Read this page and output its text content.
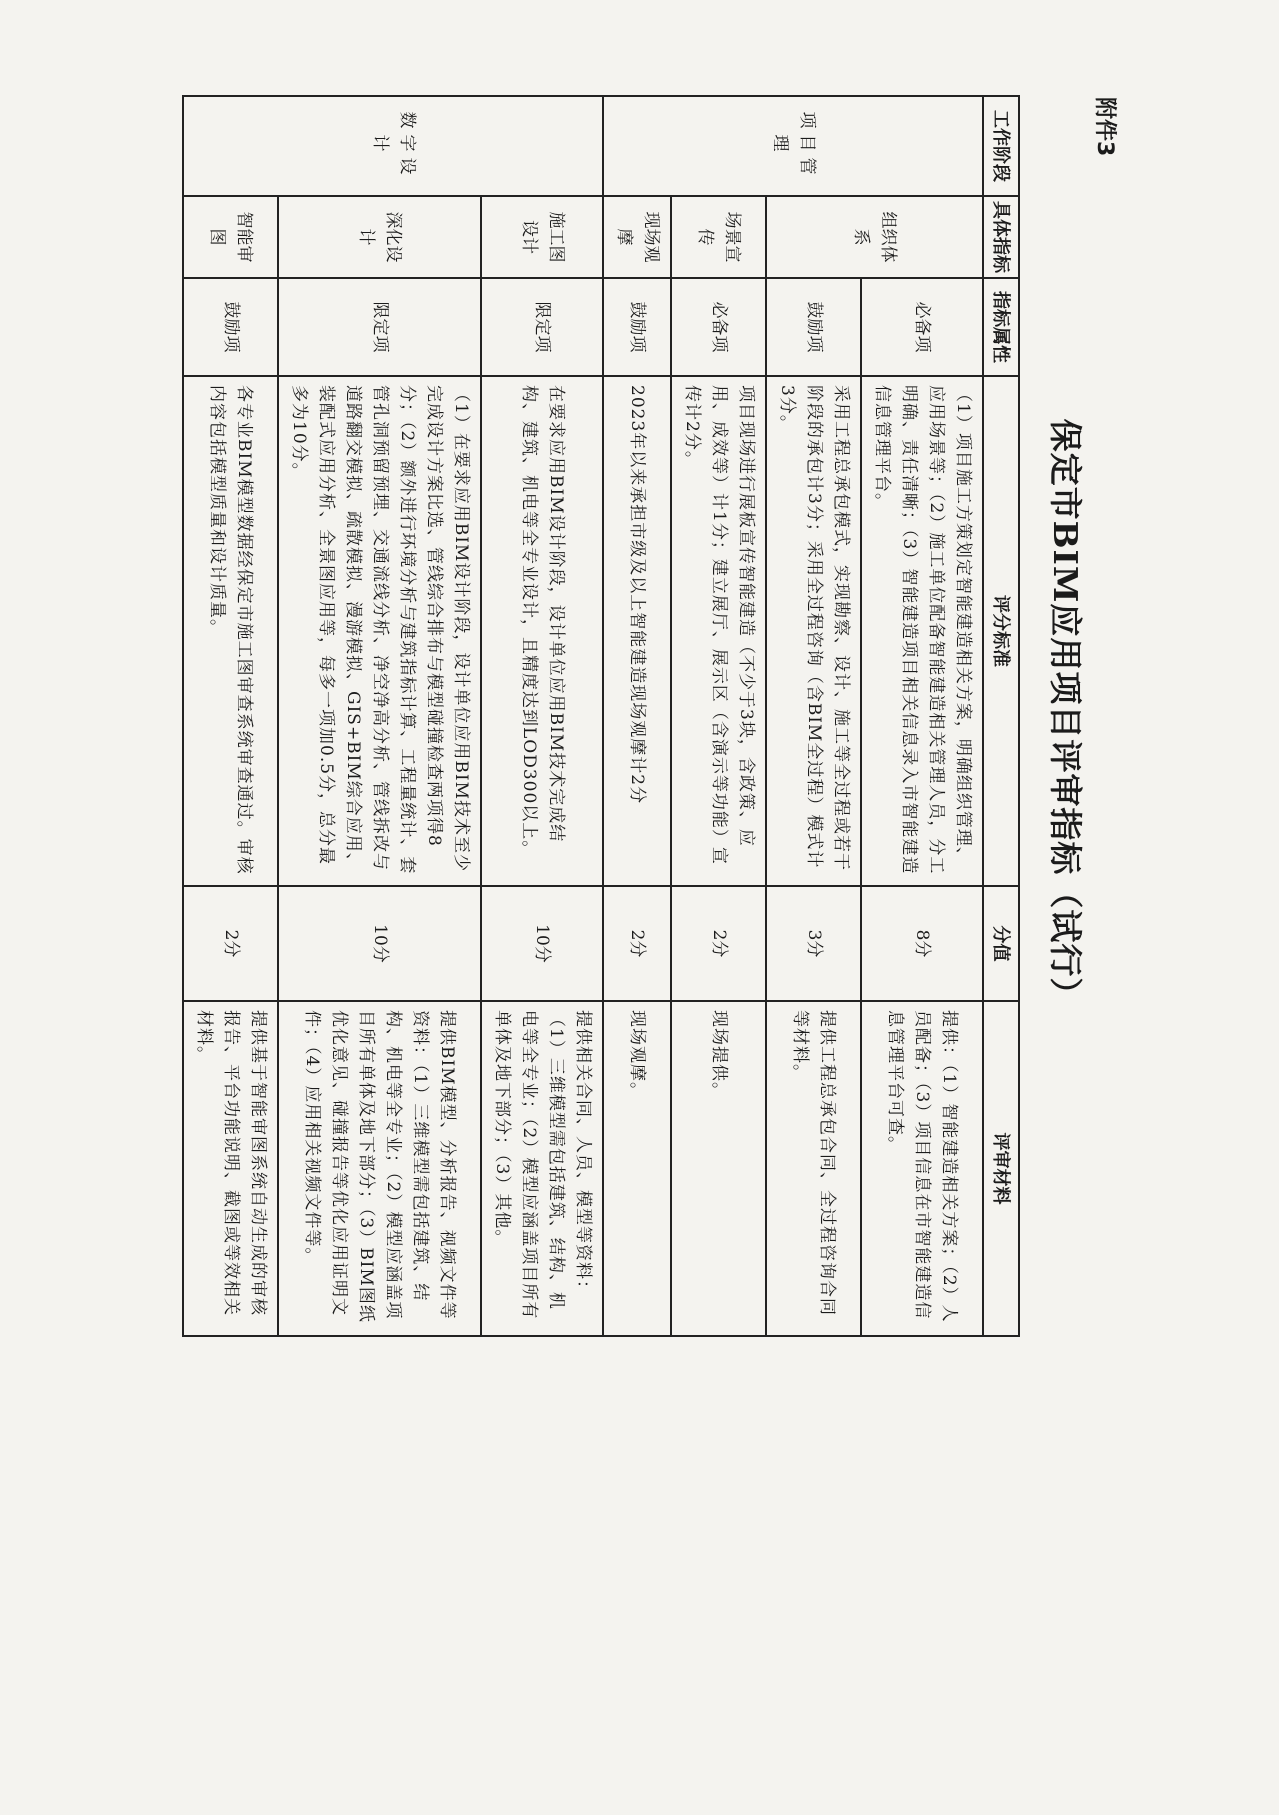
附件3
保定市BIM应用项目评审指标（试行）
工作阶段	具体指标	指标属性	评分标准	分值	评审材料
项目管理	组织体系	必备项	（1）项目施工方策划定智能建造相关方案，明确组织管理、应用场景等；（2）施工单位配备智能建造相关管理人员，分工明确、责任清晰；（3）智能建造项目相关信息录入市智能建造信息管理平台。	8分	提供：（1）智能建造相关方案；（2）人员配备；（3）项目信息在市智能建造信息管理平台可查。
		鼓励项	采用工程总承包模式，实现勘察、设计、施工等全过程或若干阶段的承包计3分；采用全过程咨询（含BIM全过程）模式计3分。	3分	提供工程总承包合同、全过程咨询合同等材料。
	场景宣传	必备项	项目现场进行展板宣传智能建造（不少于3块，含政策、应用、成效等）计1分；建立展厅、展示区（含演示等功能）宣传计2分。	2分	现场提供。
	现场观摩	鼓励项	2023年以来承担市级及以上智能建造现场观摩计2分	2分	现场观摩。
数字设计	施工图设计	限定项	在要求应用BIM设计阶段，设计单位应用BIM技术完成结构、建筑、机电等全专业设计，且精度达到LOD300以上。	10分	提供相关合同、人员、模型等资料：（1）三维模型需包括建筑、结构、机电等全专业；（2）模型应涵盖项目所有单体及地下部分；（3）其他。
	深化设计	限定项	（1）在要求应用BIM设计阶段，设计单位应用BIM技术至少完成设计方案比选、管线综合排布与模型碰撞检查两项得8分；（2）额外进行环境分析与建筑指标计算、工程量统计、套管孔洞预留预埋、交通流线分析、净空净高分析、管线拆改与道路翻交模拟、疏散模拟、漫游模拟、GIS+BIM综合应用、装配式应用分析、全景图应用等，每多一项加0.5分，总分最多为10分。	10分	提供BIM模型、分析报告、视频文件等资料：（1）三维模型需包括建筑、结构、机电等全专业；（2）模型应涵盖项目所有单体及地下部分；（3）BIM图纸优化意见、碰撞报告等优化应用证明文件；（4）应用相关视频文件等。
	智能审图	鼓励项	各专业BIM模型数据经保定市施工图审查系统审查通过。审核内容包括模型质量和设计质量。	2分	提供基于智能审图系统自动生成的审核报告、平台功能说明、截图或等效相关材料。
